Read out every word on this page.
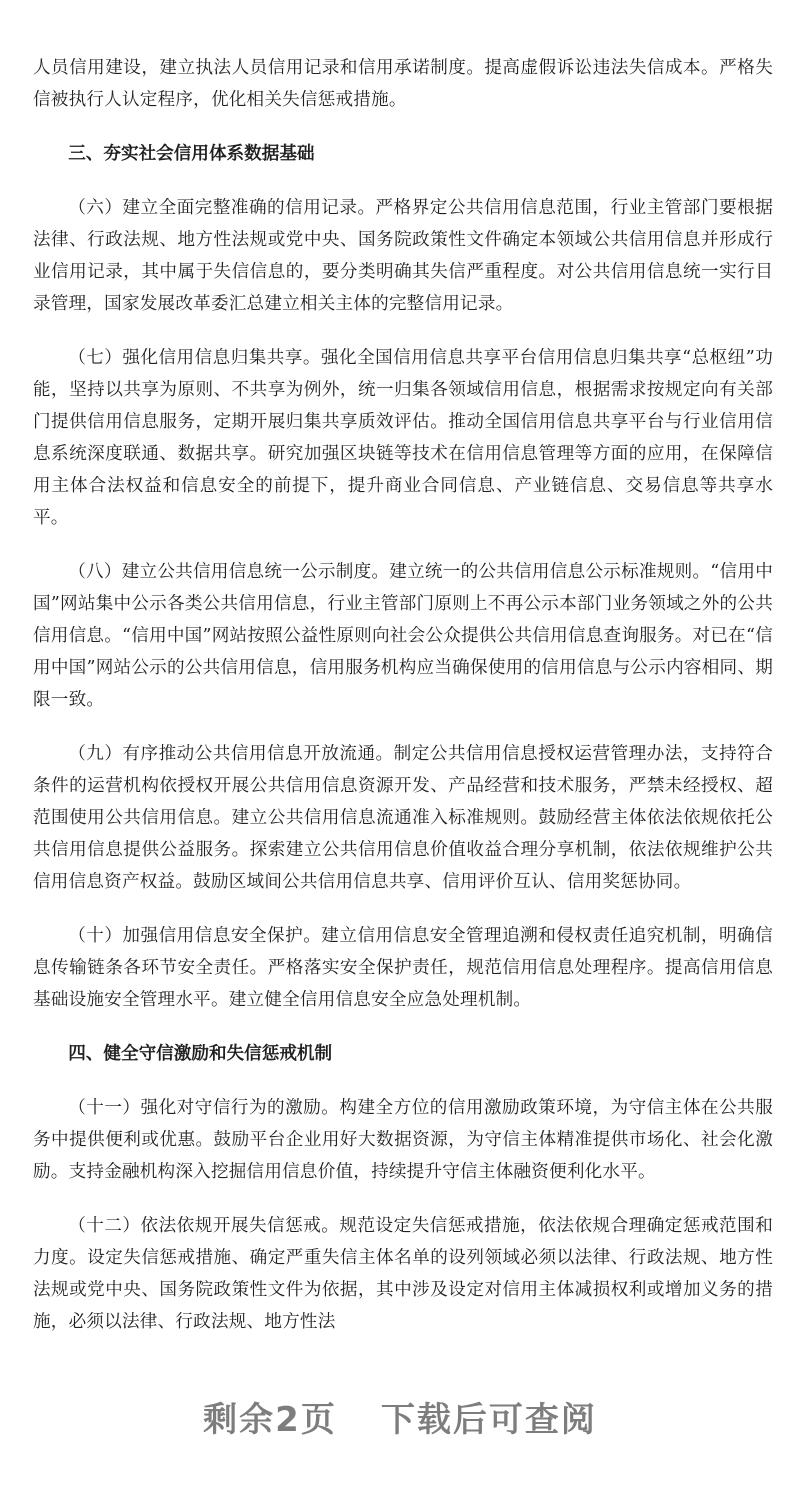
人员信用建设，建立执法人员信用记录和信用承诺制度。提高虚假诉讼违法失信成本。严格失信被执行人认定程序，优化相关失信惩戒措施。

三、夯实社会信用体系数据基础

（六）建立全面完整准确的信用记录。严格界定公共信用信息范围，行业主管部门要根据法律、行政法规、地方性法规或党中央、国务院政策性文件确定本领域公共信用信息并形成行业信用记录，其中属于失信信息的，要分类明确其失信严重程度。对公共信用信息统一实行目录管理，国家发展改革委汇总建立相关主体的完整信用记录。

（七）强化信用信息归集共享。强化全国信用信息共享平台信用信息归集共享“总枢纽”功能，坚持以共享为原则、不共享为例外，统一归集各领域信用信息，根据需求按规定向有关部门提供信用信息服务，定期开展归集共享质效评估。推动全国信用信息共享平台与行业信用信息系统深度联通、数据共享。研究加强区块链等技术在信用信息管理等方面的应用，在保障信用主体合法权益和信息安全的前提下，提升商业合同信息、产业链信息、交易信息等共享水平。

（八）建立公共信用信息统一公示制度。建立统一的公共信用信息公示标准规则。“信用中国”网站集中公示各类公共信用信息，行业主管部门原则上不再公示本部门业务领域之外的公共信用信息。“信用中国”网站按照公益性原则向社会公众提供公共信用信息查询服务。对已在“信用中国”网站公示的公共信用信息，信用服务机构应当确保使用的信用信息与公示内容相同、期限一致。

（九）有序推动公共信用信息开放流通。制定公共信用信息授权运营管理办法，支持符合条件的运营机构依授权开展公共信用信息资源开发、产品经营和技术服务，严禁未经授权、超范围使用公共信用信息。建立公共信用信息流通准入标准规则。鼓励经营主体依法依规依托公共信用信息提供公益服务。探索建立公共信用信息价值收益合理分享机制，依法依规维护公共信用信息资产权益。鼓励区域间公共信用信息共享、信用评价互认、信用奖惩协同。

（十）加强信用信息安全保护。建立信用信息安全管理追溯和侵权责任追究机制，明确信息传输链条各环节安全责任。严格落实安全保护责任，规范信用信息处理程序。提高信用信息基础设施安全管理水平。建立健全信用信息安全应急处理机制。

四、健全守信激励和失信惩戒机制

（十一）强化对守信行为的激励。构建全方位的信用激励政策环境，为守信主体在公共服务中提供便利或优惠。鼓励平台企业用好大数据资源，为守信主体精准提供市场化、社会化激励。支持金融机构深入挖掘信用信息价值，持续提升守信主体融资便利化水平。

（十二）依法依规开展失信惩戒。规范设定失信惩戒措施，依法依规合理确定惩戒范围和力度。设定失信惩戒措施、确定严重失信主体名单的设列领域必须以法律、行政法规、地方性法规或党中央、国务院政策性文件为依据，其中涉及设定对信用主体减损权利或增加义务的措施，必须以法律、行政法规、地方性法

剩余2页 下载后可查阅
